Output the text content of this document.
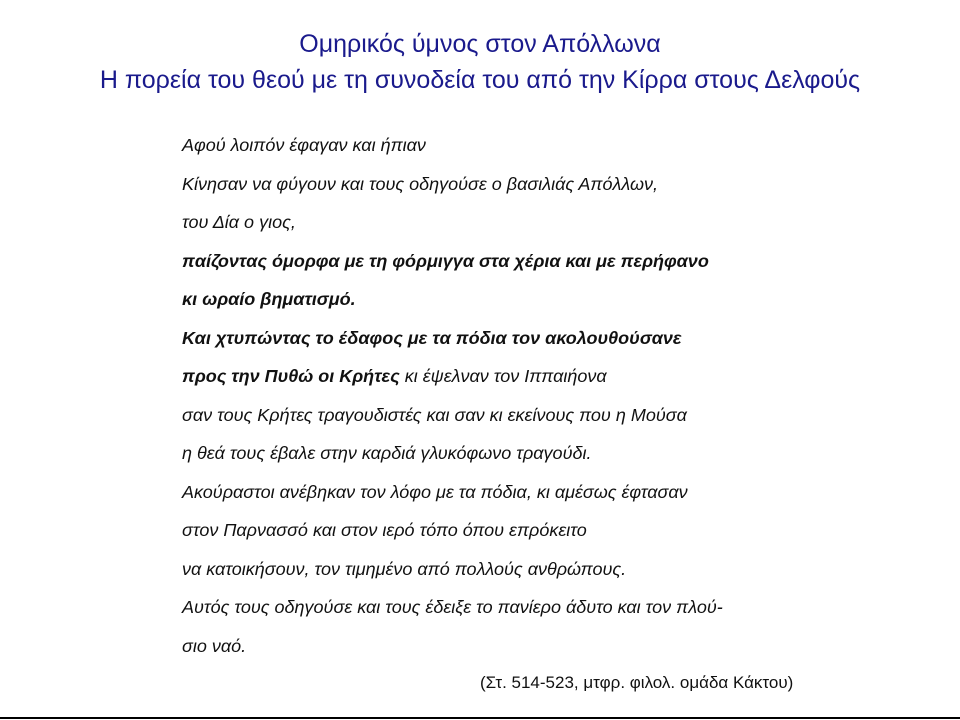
Ομηρικός ύμνος στον Απόλλωνα
Η πορεία του θεού με τη συνοδεία του από την Κίρρα στους Δελφούς
Αφού λοιπόν έφαγαν και ήπιαν
Κίνησαν να φύγουν και τους οδηγούσε ο βασιλιάς Απόλλων,
του Δία ο γιος,
παίζοντας όμορφα με τη φόρμιγγα στα χέρια και με περήφανο
κι ωραίο βηματισμό.
Και χτυπώντας το έδαφος με τα πόδια τον ακολουθούσανε
προς την Πυθώ οι Κρήτες κι έψελναν τον Ιππαιήονα
σαν τους Κρήτες τραγουδιστές και σαν κι εκείνους που η Μούσα
η θεά τους έβαλε στην καρδιά γλυκόφωνο τραγούδι.
Ακούραστοι ανέβηκαν τον λόφο με τα πόδια, κι αμέσως έφτασαν
στον Παρνασσό και στον ιερό τόπο όπου επρόκειτο
να κατοικήσουν, τον τιμημένο από πολλούς ανθρώπους.
Αυτός τους οδηγούσε και τους έδειξε το πανίερο άδυτο και τον πλού-
σιο ναό.
(Στ. 514-523, μτφρ. φιλολ. ομάδα Κάκτου)
